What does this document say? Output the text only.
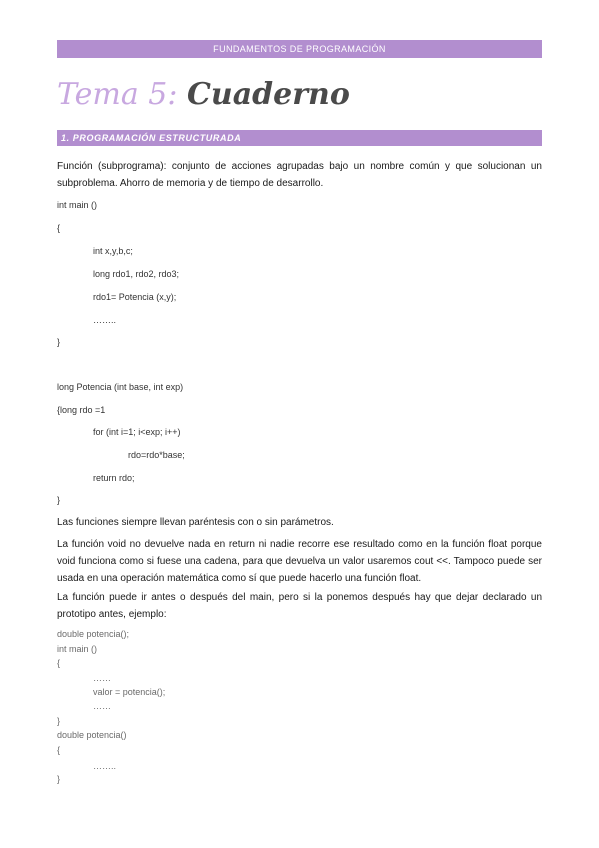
FUNDAMENTOS DE PROGRAMACIÓN
Tema 5: Cuaderno
1. PROGRAMACIÓN ESTRUCTURADA

Función (subprograma): conjunto de acciones agrupadas bajo un nombre común y que solucionan un subproblema. Ahorro de memoria y de tiempo de desarrollo.

int main ()

{

int x,y,b,c;

long rdo1, rdo2, rdo3;

rdo1= Potencia (x,y);

……..

}

long Potencia (int base, int exp)

{long rdo =1

for (int i=1; i<exp; i++)

rdo=rdo*base;

return rdo;

}

Las funciones siempre llevan paréntesis con o sin parámetros.

La función void no devuelve nada en return ni nadie recorre ese resultado como en la función float porque void funciona como si fuese una cadena, para que devuelva un valor usaremos cout <<. Tampoco puede ser usada en una operación matemática como sí que puede hacerlo una función float.

La función puede ir antes o después del main, pero si la ponemos después hay que dejar declarado un prototipo antes, ejemplo:

double potencia();

int main ()

{

……

valor = potencia();

……

}

double potencia()

{

……..

}
